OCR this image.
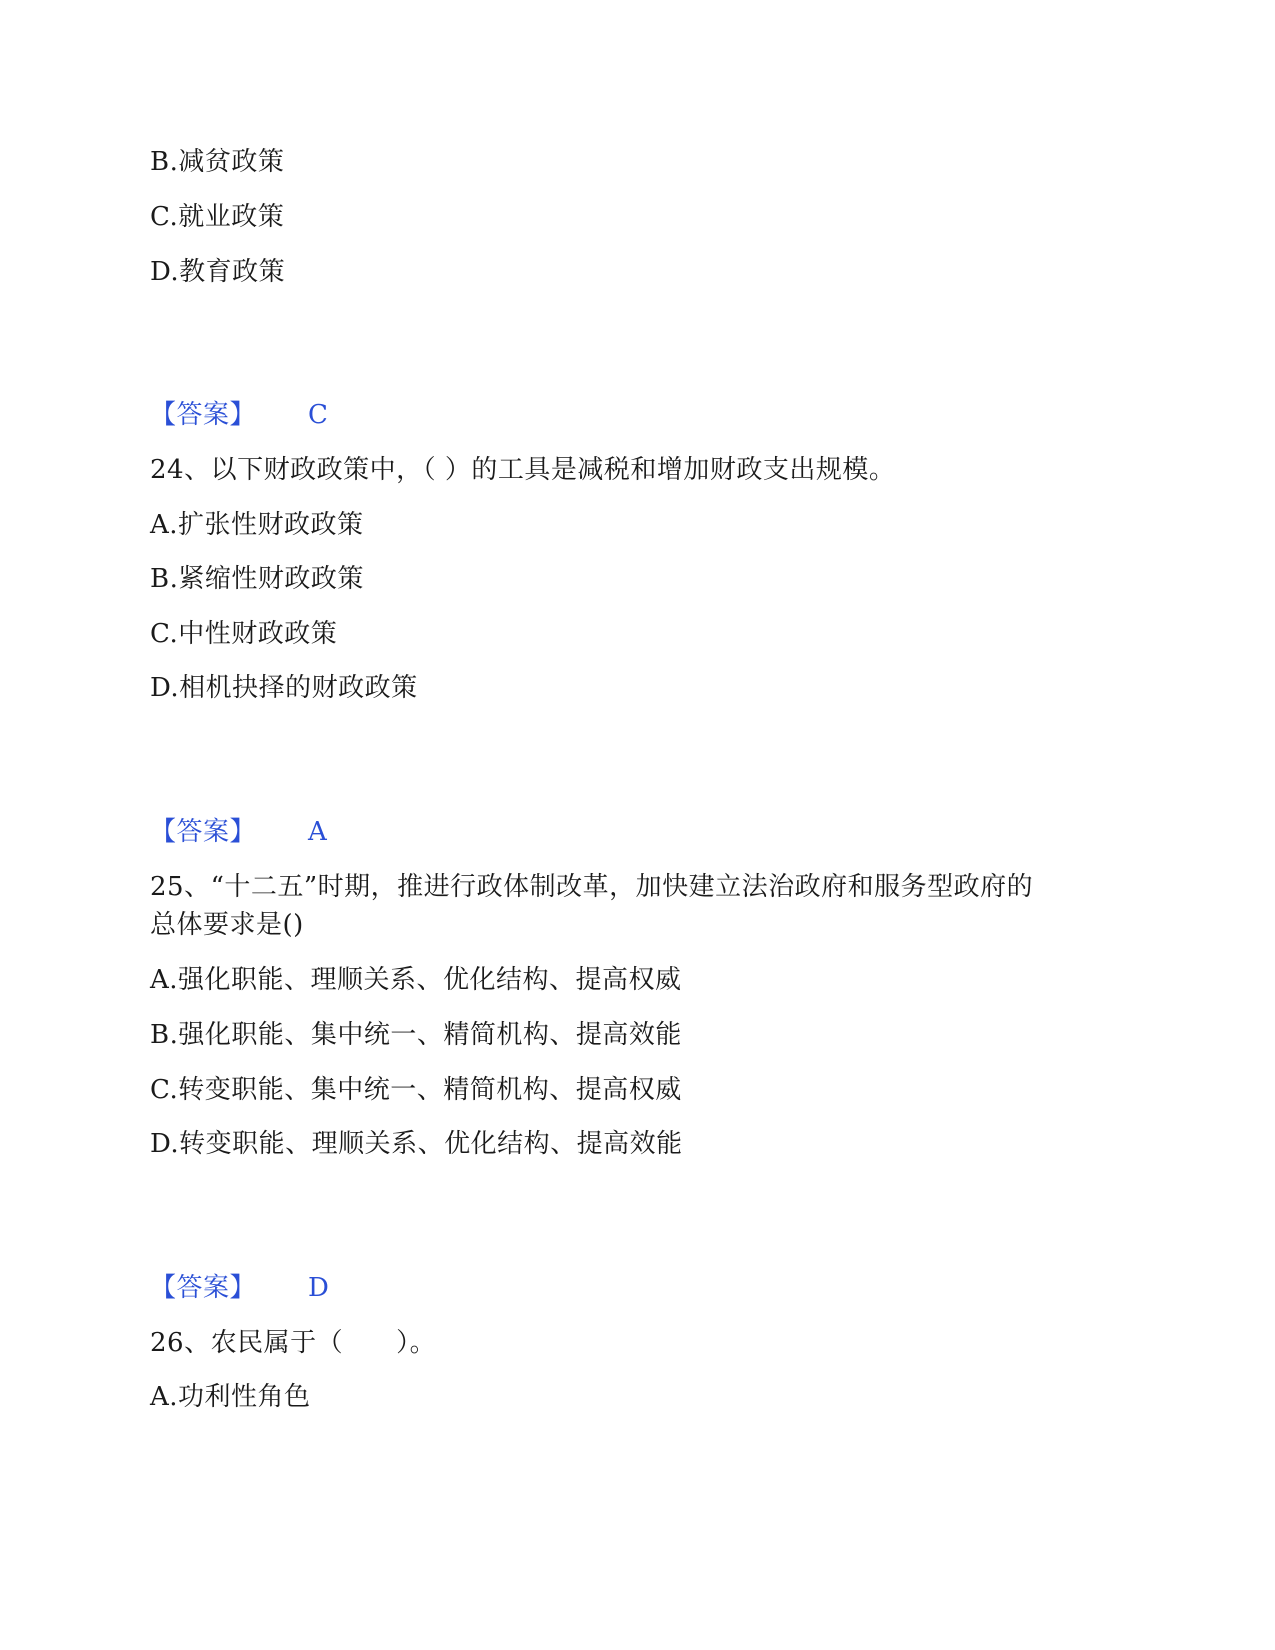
B.减贫政策
C.就业政策
D.教育政策
【答案】 C
24、以下财政政策中，（ ）的工具是减税和增加财政支出规模。
A.扩张性财政政策
B.紧缩性财政政策
C.中性财政政策
D.相机抉择的财政政策
【答案】 A
25、“十二五”时期，推进行政体制改革，加快建立法治政府和服务型政府的
总体要求是()
A.强化职能、理顺关系、优化结构、提高权威
B.强化职能、集中统一、精简机构、提高效能
C.转变职能、集中统一、精简机构、提高权威
D.转变职能、理顺关系、优化结构、提高效能
【答案】 D
26、农民属于（　　）。
A.功利性角色
